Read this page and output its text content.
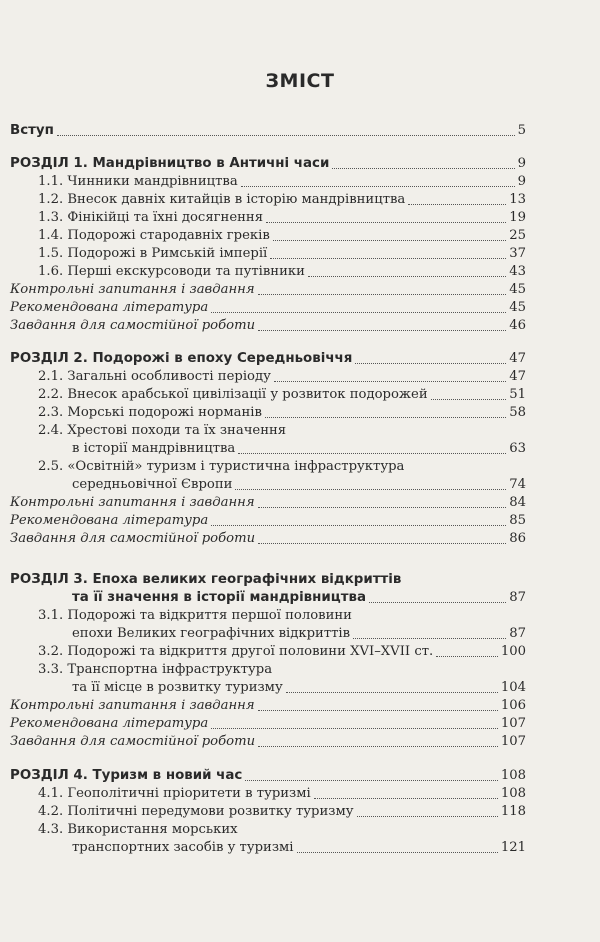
ЗМІСТ
Вступ	5
РОЗДІЛ 1. Мандрівництво в Античні часи	9
1.1. Чинники мандрівництва	9
1.2. Внесок давніх китайців в історію мандрівництва	13
1.3. Фінікійці та їхні досягнення	19
1.4. Подорожі стародавніх греків	25
1.5. Подорожі в Римській імперії	37
1.6. Перші екскурсоводи та путівники	43
Контрольні запитання і завдання	45
Рекомендована література	45
Завдання для самостійної роботи	46
РОЗДІЛ 2. Подорожі в епоху Середньовіччя	47
2.1. Загальні особливості періоду	47
2.2. Внесок арабської цивілізації у розвиток подорожей	51
2.3. Морські подорожі норманів	58
2.4. Хрестові походи та їх значення
в історії мандрівництва	63
2.5. «Освітній» туризм і туристична інфраструктура
середньовічної Європи	74
Контрольні запитання і завдання	84
Рекомендована література	85
Завдання для самостійної роботи	86
РОЗДІЛ 3. Епоха великих географічних відкриттів
та її значення в історії мандрівництва	87
3.1. Подорожі та відкриття першої половини
епохи Великих географічних відкриттів	87
3.2. Подорожі та відкриття другої половини XVI–XVII ст.	100
3.3. Транспортна інфраструктура
та її місце в розвитку туризму	104
Контрольні запитання і завдання	106
Рекомендована література	107
Завдання для самостійної роботи	107
РОЗДІЛ 4. Туризм в новий час	108
4.1. Геополітичні пріоритети в туризмі	108
4.2. Політичні передумови розвитку туризму	118
4.3. Використання морських
транспортних засобів у туризмі	121
